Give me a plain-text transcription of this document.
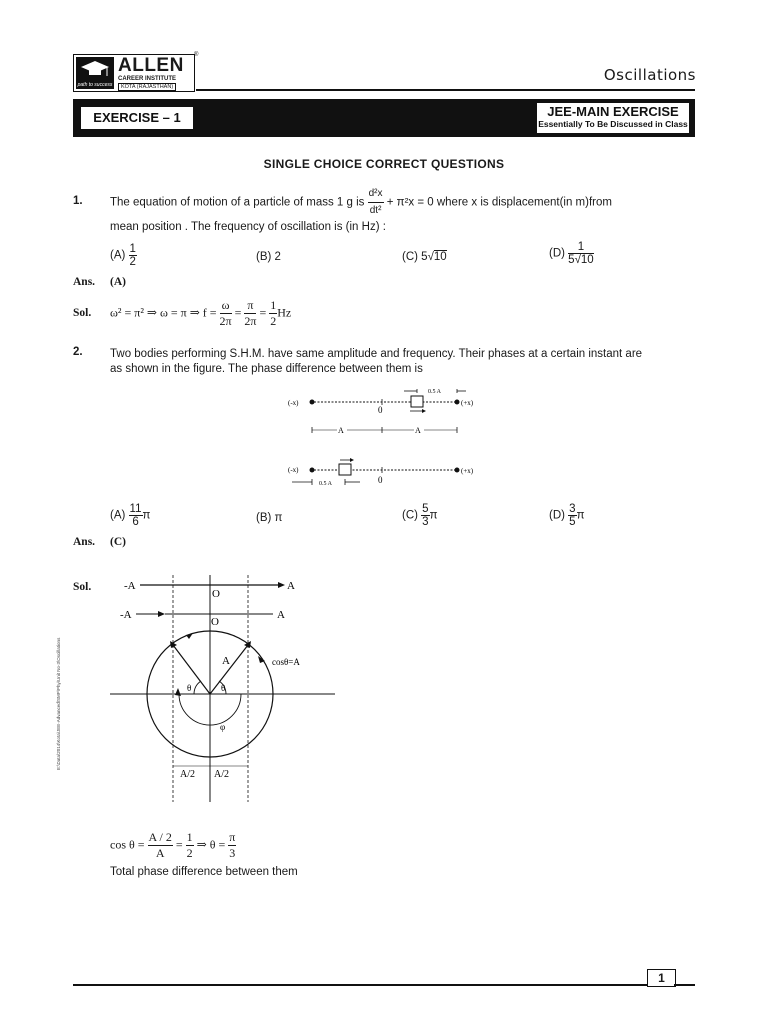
path to success
ALLEN
CAREER INSTITUTE
KOTA (RAJASTHAN)
®
Oscillations
EXERCISE – 1	JEE-MAIN EXERCISE
Essentially To Be Discussed in Class
SINGLE CHOICE CORRECT QUESTIONS
1. The equation of motion of a particle of mass 1 g is $\frac{\text{d²x}}{\text{dt²}} + \pi^2x = 0$ where x is displacement(in m)from
mean position . The frequency of oscillation is (in Hz) :
$(A) \frac{1}{2}$	(B) 2	(C) 5√10	$(D) \frac{1}{5√10}$
Ans. (A)
Sol. ω² = π² ⇒ ω = π ⇒ $f = \frac{\omega}{2\pi} = \frac{\pi}{2\pi} = \frac{1}{2}$ Hz
2. Two bodies performing S.H.M. have same amplitude and frequency. Their phases at a certain instant are
as shown in the figure. The phase difference between them is
(-x)	(+x)
0
0.5 A
A	A
(-x)	(+x)
0
0.5 A
$(A) \frac{11}{6}$ π	(B) π	$(C) \frac{5}{3}$ π	$(D) \frac{3}{5}$ π
Ans. (C)
Sol.	-A	A
O
-A	A
O
A	cosθ=A
θ	θ
φ
A/2 A/2
$\cos \theta = \frac{A / 2}{A} = \frac{1}{2}$ ⇒ $\theta = \frac{\pi}{3}$
Total phase difference between them
E:\Data\2014\Kota\JEE-Advanced\SMP\Phy\Unit No-3\Oscillations
1
